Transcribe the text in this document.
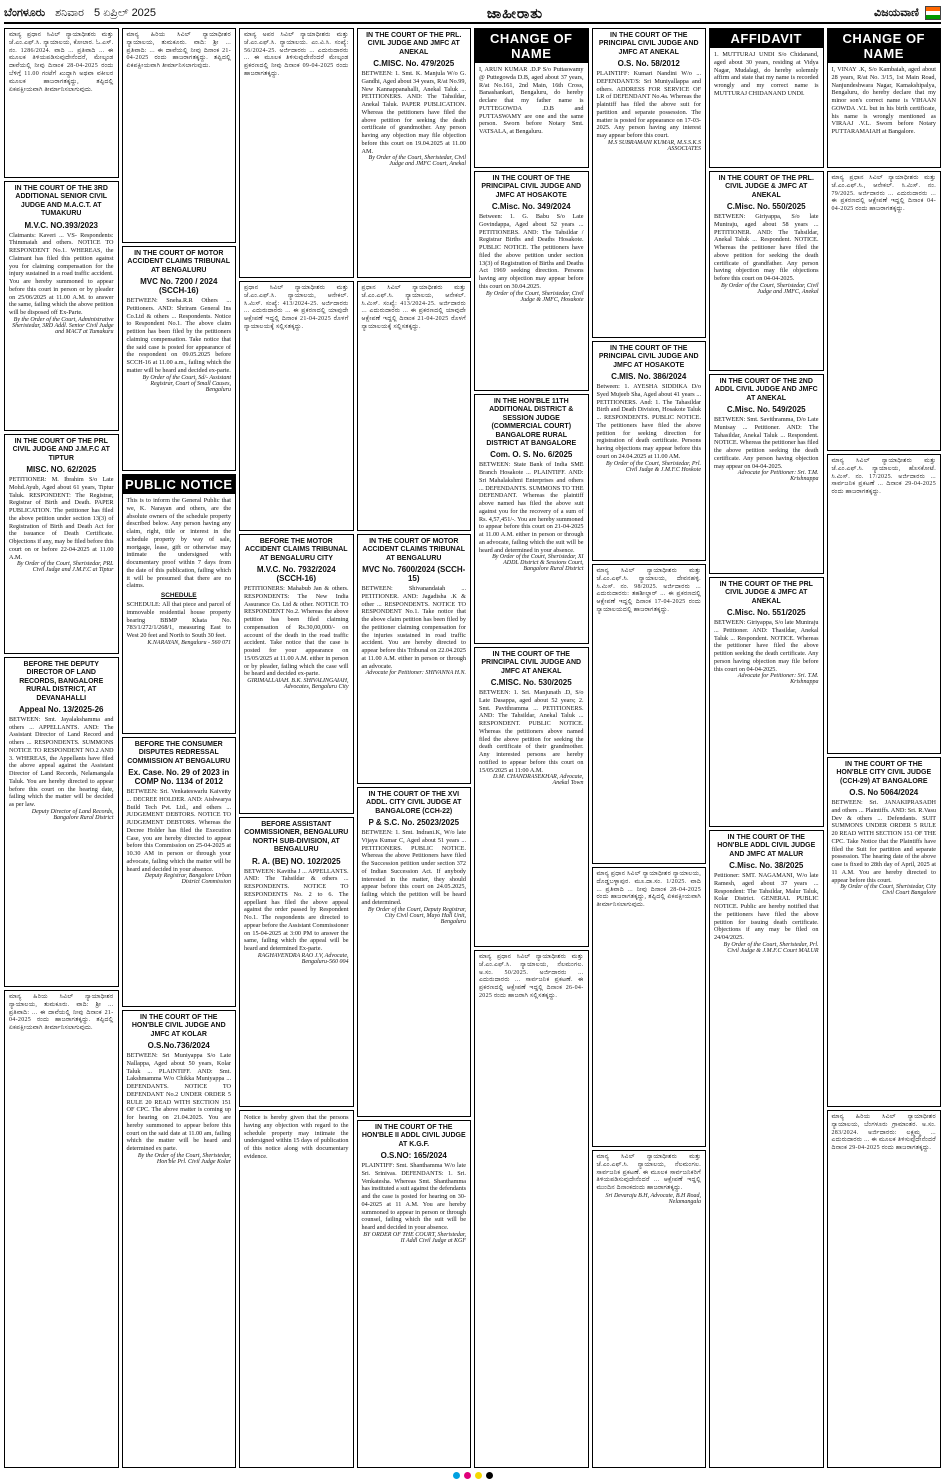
ಬೆಂಗಳೂರು ಶನಿವಾರ 5 ಏಪ್ರಿಲ್ 2025	ಜಾಹೀರಾತು	ವಿಜಯವಾಣಿ
ಮಾನ್ಯ ಪ್ರಧಾನ ಸಿವಿಲ್ ನ್ಯಾಯಾಧೀಶರು ಮತ್ತು ಜೆ.ಎಂ.ಎಫ್.ಸಿ. ನ್ಯಾಯಾಲಯ, ಕೋಲಾರ. ಓ.ಎಸ್. ನಂ. 1286/2024. ವಾದಿ ... ಪ್ರತಿವಾದಿ ... ಈ ಮೂಲಕ ತಿಳಿಯಪಡಿಸುವುದೇನೆಂದರೆ, ಮೇಲ್ಕಂಡ ದಾವೆಯಲ್ಲಿ ನೀವು ದಿನಾಂಕ 28-04-2025 ರಂದು ಬೆಳಿಗ್ಗೆ 11.00 ಗಂಟೆಗೆ ಖುದ್ದಾಗಿ ಅಥವಾ ವಕೀಲರ ಮೂಲಕ ಹಾಜರಾಗತಕ್ಕದ್ದು, ತಪ್ಪಿದಲ್ಲಿ ಏಕಪಕ್ಷೀಯವಾಗಿ ತೀರ್ಮಾನಿಸಲಾಗುವುದು.
IN THE COURT OF THE 3RD ADDITIONAL SENIOR CIVIL JUDGE AND M.A.C.T. AT TUMAKURU
M.V.C. NO.393/2023
Claimants: Kaveri ... VS- Respondents: Thimmaiah and others. NOTICE TO RESPONDENT No.1. WHEREAS, the Claimant has filed this petition against you for claiming compensation for the injury sustained in a road traffic accident. You are hereby summoned to appear before this court in person or by pleader on 25/06/2025 at 11.00 A.M. to answer the same, failing which the above petition will be disposed off Ex-Parte.
By the Order of the Court, Administrative Sheristedar, 3RD Addl. Senior Civil Judge and MACT at Tumakuru
IN THE COURT OF THE PRL CIVIL JUDGE AND J.M.F.C AT TIPTUR
MISC. NO. 62/2025
PETITIONER: M. Ibrahim S/o Late Mohd.Ayub, Aged about 61 years, Tiptur Taluk. RESPONDENT: The Registrar, Registrar of Birth and Death. PAPER PUBLICATION. The petitioner has filed the above petition under section 13(3) of Registration of Birth and Death Act for the issuance of Death Certificate. Objections if any, may be filed before this court on or before 22-04-2025 at 11.00 A.M.
By Order of the Court, Sheristedar, PRL Civil Judge and J.M.F.C at Tiptur
BEFORE THE DEPUTY DIRECTOR OF LAND RECORDS, BANGALORE RURAL DISTRICT, AT DEVANAHALLI
Appeal No. 13/2025-26
BETWEEN: Smt. Jayalakshamma and others ... APPELLANTS. AND: The Assistant Director of Land Record and others ... RESPONDENTS. SUMMONS NOTICE TO RESPONDENT NO.2 AND 3. WHEREAS, the Appellants have filed the above appeal against the Assistant Director of Land Records, Nelamangala Taluk. You are hereby directed to appear before this court on the hearing date, failing which the matter will be decided as per law.
Deputy Director of Land Records, Bangalore Rural District
ಮಾನ್ಯ ಹಿರಿಯ ಸಿವಿಲ್ ನ್ಯಾಯಾಧೀಶರ ನ್ಯಾಯಾಲಯ, ತುಮಕೂರು. ವಾದಿ: ಶ್ರೀ ... ಪ್ರತಿವಾದಿ: ... ಈ ದಾವೆಯಲ್ಲಿ ನೀವು ದಿನಾಂಕ 21-04-2025 ರಂದು ಹಾಜರಾಗತಕ್ಕದ್ದು. ತಪ್ಪಿದಲ್ಲಿ ಏಕಪಕ್ಷೀಯವಾಗಿ ತೀರ್ಮಾನಿಸಲಾಗುವುದು.
ಮಾನ್ಯ ಹಿರಿಯ ಸಿವಿಲ್ ನ್ಯಾಯಾಧೀಶರ ನ್ಯಾಯಾಲಯ, ತುಮಕೂರು. ವಾದಿ: ಶ್ರೀ ... ಪ್ರತಿವಾದಿ: ... ಈ ದಾವೆಯಲ್ಲಿ ನೀವು ದಿನಾಂಕ 21-04-2025 ರಂದು ಹಾಜರಾಗತಕ್ಕದ್ದು. ತಪ್ಪಿದಲ್ಲಿ ಏಕಪಕ್ಷೀಯವಾಗಿ ತೀರ್ಮಾನಿಸಲಾಗುವುದು.
IN THE COURT OF MOTOR ACCIDENT CLAIMS TRIBUNAL AT BENGALURU
MVC No. 7200 / 2024 (SCCH-16)
BETWEEN: Sneha.R.R Others ... Petitioners. AND: Shriram General Ins Co.Ltd & others ... Respondents. Notice to Respondent No.1. The above claim petition has been filed by the petitioners claiming compensation. Take notice that the said case is posted for appearance of the respondent on 09.05.2025 before SCCH-16 at 11.00 a.m., failing which the matter will be heard and decided ex-parte.
By Order of the Court, Sd/- Assistant Registrar, Court of Small Causes, Bengaluru
PUBLIC NOTICE
This is to inform the General Public that we, K. Narayan and others, are the absolute owners of the schedule property described below. Any person having any claim, right, title or interest in the schedule property by way of sale, mortgage, lease, gift or otherwise may intimate the undersigned with documentary proof within 7 days from the date of this publication, failing which it will be presumed that there are no claims.
SCHEDULE
SCHEDULE: All that piece and parcel of immovable residential house property bearing BBMP Khata No. 783/1/272/1/268/1, measuring East to West 20 feet and North to South 30 feet.
K.NARAYAN, Bengaluru - 560 071
BEFORE THE CONSUMER DISPUTES REDRESSAL COMMISSION AT BENGALURU
Ex. Case. No. 29 of 2023 in COMP No. 1134 of 2012
BETWEEN: Sri. Venkateswarlu Kaivetty ... DECREE HOLDER. AND: Aishwarya Build Tech Pvt. Ltd., and others ... JUDGEMENT DEBTORS. NOTICE TO JUDGEMENT DEBTORS. Whereas the Decree Holder has filed the Execution Case, you are hereby directed to appear before this Commission on 25-04-2025 at 10.30 AM in person or through your advocate, failing which the matter will be heard and decided in your absence.
Deputy Registrar, Bangalore Urban District Commission
IN THE COURT OF THE HON'BLE CIVIL JUDGE AND JMFC AT KOLAR
O.S.No.736/2024
BETWEEN: Sri Muniyappa S/o Late Nallappa, Aged about 50 years, Kolar Taluk ... PLAINTIFF. AND: Smt. Lakshmamma W/o Chikka Muniyappa ... DEFENDANTS. NOTICE TO DEFENDANT No.2 UNDER ORDER 5 RULE 20 READ WITH SECTION 151 OF CPC. The above matter is coming up for hearing on 21.04.2025. You are hereby summoned to appear before this court on the said date at 11.00 am, failing which the matter will be heard and determined ex parte.
By the Order of the Court, Sheristedar, Hon'ble Prl. Civil Judge Kolar
ಮಾನ್ಯ ಅಪರ ಸಿವಿಲ್ ನ್ಯಾಯಾಧೀಶರು ಮತ್ತು ಜೆ.ಎಂ.ಎಫ್.ಸಿ. ನ್ಯಾಯಾಲಯ. ಎಂ.ವಿ.ಸಿ. ಸಂಖ್ಯೆ: 56/2024-25. ಅರ್ಜಿದಾರರು ... ಎದುರುದಾರರು ... ಈ ಮೂಲಕ ತಿಳಿಸುವುದೇನೆಂದರೆ ಮೇಲ್ಕಂಡ ಪ್ರಕರಣದಲ್ಲಿ ನೀವು ದಿನಾಂಕ 09-04-2025 ರಂದು ಹಾಜರಾಗತಕ್ಕದ್ದು.
ಪ್ರಧಾನ ಸಿವಿಲ್ ನ್ಯಾಯಾಧೀಶರು ಮತ್ತು ಜೆ.ಎಂ.ಎಫ್.ಸಿ. ನ್ಯಾಯಾಲಯ, ಆನೇಕಲ್. ಸಿ.ಮಿಸ್. ಸಂಖ್ಯೆ: 413/2024-25. ಅರ್ಜಿದಾರರು ... ಎದುರುದಾರರು ... ಈ ಪ್ರಕರಣದಲ್ಲಿ ಯಾವುದೇ ಆಕ್ಷೇಪಣೆ ಇದ್ದಲ್ಲಿ ದಿನಾಂಕ 21-04-2025 ರೊಳಗೆ ನ್ಯಾಯಾಲಯಕ್ಕೆ ಸಲ್ಲಿಸತಕ್ಕದ್ದು.
BEFORE THE MOTOR ACCIDENT CLAIMS TRIBUNAL AT BENGALURU CITY
M.V.C. No. 7932/2024 (SCCH-16)
PETITIONERS: Mahabub Jan & others. RESPONDENTS: The New India Assurance Co. Ltd & other. NOTICE TO RESPONDENT No.2. Whereas the above petition has been filed claiming compensation of Rs.30,00,000/- on account of the death in the road traffic accident. Take notice that the case is posted for your appearance on 15/05/2025 at 11.00 A.M. either in person or by pleader, failing which the case will be heard and decided ex-parte.
GIRIMALLAIAH. B.K. SHIVALINGAIAH, Advocates, Bengaluru City
BEFORE ASSISTANT COMMISSIONER, BENGALURU NORTH SUB-DIVISION, AT BENGALURU
R. A. (BE) NO. 102/2025
BETWEEN: Kavitha J ... APPELLANTS. AND: The Tahsildar & others ... RESPONDENTS. NOTICE TO RESPONDENTS No. 2 to 6. The appellant has filed the above appeal against the order passed by Respondent No.1. The respondents are directed to appear before the Assistant Commissioner on 15-04-2025 at 3:00 PM to answer the same, failing which the appeal will be heard and determined Ex-parte.
RAGHAVENDRA RAO J.V, Advocate, Bengaluru-560 004
Notice is hereby given that the persons having any objection with regard to the schedule property may intimate the undersigned within 15 days of publication of this notice along with documentary evidence.
IN THE COURT OF THE PRL. CIVIL JUDGE AND JMFC AT ANEKAL
C.MISC. No. 479/2025
BETWEEN: 1. Smt. K. Manjula W/o G. Gandhi, Aged about 34 years, R/at No.99, New Kannappanahalli, Anekal Taluk ... PETITIONERS. AND: The Tahsildar, Anekal Taluk. PAPER PUBLICATION. Whereas the petitioners have filed the above petition for seeking the death certificate of grandmother. Any person having any objection may file objection before this court on 19.04.2025 at 11.00 AM.
By Order of the Court, Sheristedar, Civil Judge and JMFC Court, Anekal
ಪ್ರಧಾನ ಸಿವಿಲ್ ನ್ಯಾಯಾಧೀಶರು ಮತ್ತು ಜೆ.ಎಂ.ಎಫ್.ಸಿ. ನ್ಯಾಯಾಲಯ, ಆನೇಕಲ್. ಸಿ.ಮಿಸ್. ಸಂಖ್ಯೆ: 413/2024-25. ಅರ್ಜಿದಾರರು ... ಎದುರುದಾರರು ... ಈ ಪ್ರಕರಣದಲ್ಲಿ ಯಾವುದೇ ಆಕ್ಷೇಪಣೆ ಇದ್ದಲ್ಲಿ ದಿನಾಂಕ 21-04-2025 ರೊಳಗೆ ನ್ಯಾಯಾಲಯಕ್ಕೆ ಸಲ್ಲಿಸತಕ್ಕದ್ದು.
IN THE COURT OF MOTOR ACCIDENT CLAIMS TRIBUNAL AT BENGALURU
MVC No. 7600/2024 (SCCH-15)
BETWEEN: Shivanandaiah ... PETITIONER. AND: Jagadisha .K & other ... RESPONDENTS. NOTICE TO RESPONDENT No.1. Take notice that the above claim petition has been filed by the petitioner claiming compensation for the injuries sustained in road traffic accident. You are hereby directed to appear before this Tribunal on 22.04.2025 at 11.00 A.M. either in person or through an advocate.
Advocate for Petitioner: SHIVANNA H.N.
IN THE COURT OF THE XVI ADDL. CITY CIVIL JUDGE AT BANGALORE (CCH-22)
P & S.C. No. 25023/2025
BETWEEN: 1. Smt. Indrani.K, W/o late Vijaya Kumar C, Aged about 51 years ... PETITIONERS. PUBLIC NOTICE. Whereas the above Petitioners have filed the Succession petition under section 372 of Indian Succession Act. If anybody interested in the matter, they should appear before this court on 24.05.2025, failing which the petition will be heard and determined.
By Order of the Court, Deputy Registrar, City Civil Court, Mayo Hall Unit, Bengaluru
IN THE COURT OF THE HON'BLE II ADDL CIVIL JUDGE AT K.G.F.
O.S.NO: 165/2024
PLAINTIFF: Smt. Shanthamma W/o late Sri. Srinivas. DEFENDANTS: 1. Sri. Venkatesha. Whereas Smt. Shanthamma has instituted a suit against the defendants and the case is posted for hearing on 30-04-2025 at 11 A.M. You are hereby summoned to appear in person or through counsel, failing which the suit will be heard and decided in your absence.
BY ORDER OF THE COURT, Sheristedar, II Addl Civil Judge at KGF
CHANGE OF NAME
I, ARUN KUMAR .D.P S/o Puttaswamy @ Puttegowda D.B, aged about 37 years, R/at No.161, 2nd Main, 16th Cross, Banashankari, Bengaluru, do hereby declare that my father name is PUTTEGOWDA .D.B and PUTTASWAMY are one and the same person. Sworn before Notary Smt. VATSALA, at Bengaluru.
IN THE COURT OF THE PRINCIPAL CIVIL JUDGE AND JMFC AT HOSAKOTE
C.Misc. No. 349/2024
Between: 1. G. Babu S/o Late Govindappa, Aged about 52 years ... PETITIONERS. AND: The Tahsildar / Registrar Births and Deaths Hosakote. PUBLIC NOTICE. The petitioners have filed the above petition under section 13(3) of Registration of Births and Deaths Act 1969 seeking direction. Persons having any objection may appear before this court on 30.04.2025.
By Order of the Court, Sheristedar, Civil Judge & JMFC, Hosakote
IN THE HON'BLE 11TH ADDITIONAL DISTRICT & SESSION JUDGE (COMMERCIAL COURT) BANGALORE RURAL DISTRICT AT BANGALORE
Com. O. S. No. 6/2025
BETWEEN: State Bank of India SME Branch Hosakote ... PLAINTIFF. AND: Sri Mahalakshmi Enterprises and others ... DEFENDANTS. SUMMONS TO THE DEFENDANT. Whereas the plaintiff above named has filed the above suit against you for the recovery of a sum of Rs. 4,57,451/-. You are hereby summoned to appear before this court on 21-04-2025 at 11.00 A.M. either in person or through an advocate, failing which the suit will be heard and determined in your absence.
By Order of the Court, Sheristedar, XI ADDL District & Sessions Court, Bangalore Rural District
IN THE COURT OF THE PRINCIPAL CIVIL JUDGE AND JMFC AT ANEKAL
C.MISC. No. 530/2025
BETWEEN: 1. Sri. Manjunath .D, S/o Late Dasappa, aged about 52 years; 2. Smt. Pavithramma ... PETITIONERS. AND: The Tahsildar, Anekal Taluk ... RESPONDENT. PUBLIC NOTICE. Whereas the petitioners above named filed the above petition for seeking the death certificate of their grandmother. Any interested persons are hereby notified to appear before this court on 15/05/2025 at 11:00 A.M.
D.M. CHANDRASEKHAR, Advocate, Anekal Town
ಮಾನ್ಯ ಪ್ರಧಾನ ಸಿವಿಲ್ ನ್ಯಾಯಾಧೀಶರು ಮತ್ತು ಜೆ.ಎಂ.ಎಫ್.ಸಿ. ನ್ಯಾಯಾಲಯ, ನೆಲಮಂಗಲ. ಅ.ಸಂ. 50/2025. ಅರ್ಜಿದಾರರು ... ಎದುರುದಾರರು ... ಸಾರ್ವಜನಿಕ ಪ್ರಕಟಣೆ. ಈ ಪ್ರಕರಣದಲ್ಲಿ ಆಕ್ಷೇಪಣೆ ಇದ್ದಲ್ಲಿ ದಿನಾಂಕ 26-04-2025 ರಂದು ಹಾಜರಾಗಿ ಸಲ್ಲಿಸತಕ್ಕದ್ದು.
IN THE COURT OF THE PRINCIPAL CIVIL JUDGE AND JMFC AT ANEKAL
O.S. No. 58/2012
PLAINTIFF: Kumari Nandini W/o ... DEFENDANT/S: Sri Muniyallappa and others. ADDRESS FOR SERVICE OF LR of DEFENDANT No.4a. Whereas the plaintiff has filed the above suit for partition and separate possession. The matter is posted for appearance on 17-03-2025. Any person having any interest may appear before this court.
M.S SUBRAMANI KUMAR, M.S.S.K.S ASSOCIATES
IN THE COURT OF THE PRINCIPAL CIVIL JUDGE AND JMFC AT HOSAKOTE
C.MIS. No. 386/2024
Between: 1. AYESHA SIDDIKA D/o Syed Mujeeb Sha, Aged about 41 years ... PETITIONERS. And: 1. The Tahasildar Birth and Death Division, Hosakote Taluk ... RESPONDENTS. PUBLIC NOTICE. The petitioners have filed the above petition for seeking direction for registration of death certificate. Persons having objections may appear before this court on 24.04.2025 at 11.00 AM.
By Order of the Court, Sheristedar, Prl. Civil Judge & J.M.F.C Hoskote
ಮಾನ್ಯ ಸಿವಿಲ್ ನ್ಯಾಯಾಧೀಶರು ಮತ್ತು ಜೆ.ಎಂ.ಎಫ್.ಸಿ. ನ್ಯಾಯಾಲಯ, ದೇವನಹಳ್ಳಿ. ಸಿ.ಮಿಸ್. ನಂ. 98/2025. ಅರ್ಜಿದಾರರು ... ಎದುರುದಾರರು: ತಹಶೀಲ್ದಾರ್ ... ಈ ಪ್ರಕರಣದಲ್ಲಿ ಆಕ್ಷೇಪಣೆ ಇದ್ದಲ್ಲಿ ದಿನಾಂಕ 17-04-2025 ರಂದು ನ್ಯಾಯಾಲಯದಲ್ಲಿ ಹಾಜರಾಗತಕ್ಕದ್ದು.
ಮಾನ್ಯ ಪ್ರಧಾನ ಸಿವಿಲ್ ನ್ಯಾಯಾಧೀಶರ ನ್ಯಾಯಾಲಯ, ದೊಡ್ಡಬಳ್ಳಾಪುರ. ಮೂ.ದಾ.ಸಂ. 1/2025. ವಾದಿ ... ಪ್ರತಿವಾದಿ ... ನೀವು ದಿನಾಂಕ 28-04-2025 ರಂದು ಹಾಜರಾಗತಕ್ಕದ್ದು, ತಪ್ಪಿದಲ್ಲಿ ಏಕಪಕ್ಷೀಯವಾಗಿ ತೀರ್ಮಾನಿಸಲಾಗುವುದು.
ಮಾನ್ಯ ಸಿವಿಲ್ ನ್ಯಾಯಾಧೀಶರು ಮತ್ತು ಜೆ.ಎಂ.ಎಫ್.ಸಿ. ನ್ಯಾಯಾಲಯ, ನೆಲಮಂಗಲ. ಸಾರ್ವಜನಿಕ ಪ್ರಕಟಣೆ. ಈ ಮೂಲಕ ಸಾರ್ವಜನಿಕರಿಗೆ ತಿಳಿಯಪಡಿಸುವುದೇನೆಂದರೆ ... ಆಕ್ಷೇಪಣೆ ಇದ್ದಲ್ಲಿ ಮುಂದಿನ ದಿನಾಂಕದಂದು ಹಾಜರಾಗತಕ್ಕದ್ದು.
Sri Devaraju B.H, Advocate, B.H Road, Nelamangala
AFFIDAVIT
1. MUTTURAJ UNDI S/o Chidanand, aged about 30 years, residing at Vidya Nagar, Mudalagi, do hereby solemnly affirm and state that my name is recorded wrongly and my correct name is MUTTURAJ CHIDANAND UNDI.
IN THE COURT OF THE PRL. CIVIL JUDGE & JMFC AT ANEKAL
C.Misc. No. 550/2025
BETWEEN: Giriyappa, S/o late Muniraju, aged about 58 years ... PETITIONER. AND: The Tahsildar, Anekal Taluk ... Respondent. NOTICE. Whereas the petitioner have filed the above petition for seeking the death certificate of grandfather. Any person having objection may file objections before this court on 04-04-2025.
By Order of the Court, Sheristedar, Civil Judge and JMFC, Anekal
IN THE COURT OF THE 2ND ADDL CIVIL JUDGE AND JMFC AT ANEKAL
C.Misc. No. 549/2025
BETWEEN: Smt. Savithramma, D/o Late Munisay ... Petitioner. AND: The Tahasildar, Anekal Taluk ... Respondent. NOTICE. Whereas the petitioner has filed the above petition seeking the death certificate. Any person having objection may appear on 04-04-2025.
Advocate for Petitioner: Sri. T.M. Krishnappa
IN THE COURT OF THE PRL CIVIL JUDGE & JMFC AT ANEKAL
C.Misc. No. 551/2025
BETWEEN: Giriyappa, S/o late Muniraju ... Petitioner. AND: Thasildar, Anekal Taluk ... Respondent. NOTICE. Whereas the petitioner have filed the above petition seeking the death certificate. Any person having objection may file before this court on 04-04-2025.
Advocate for Petitioner: Sri. T.M. Krishnappa
IN THE COURT OF THE HON'BLE ADDL CIVIL JUDGE AND JMFC AT MALUR
C.Misc. No. 38/2025
Petitioner: SMT. NAGAMANI, W/o late Ramesh, aged about 37 years ... Respondent: The Tahsildar, Malur Taluk, Kolar District. GENERAL PUBLIC NOTICE. Public are hereby notified that the petitioners have filed the above petition for issuing death certificate. Objections if any may be filed on 24/04/2025.
By Order of the Court, Sheristedar, Prl. Civil Judge & J.M.F.C Court MALUR
CHANGE OF NAME
I, VINAY .K, S/o Kambaiah, aged about 28 years, R/at No. 3/15, 1st Main Road, Nanjundeshwara Nagar, Kamakshipalya, Bengaluru, do hereby declare that my minor son's correct name is VIHAAN GOWDA .V.L but in his birth certificate, his name is wrongly mentioned as VIRAAJ .V.L. Sworn before Notary PUTTARAMAIAH at Bangalore.
ಮಾನ್ಯ ಪ್ರಧಾನ ಸಿವಿಲ್ ನ್ಯಾಯಾಧೀಶರು ಮತ್ತು ಜೆ.ಎಂ.ಎಫ್.ಸಿ., ಆನೇಕಲ್. ಸಿ.ಮಿಸ್. ನಂ. 79/2025. ಅರ್ಜಿದಾರರು ... ಎದುರುದಾರರು ... ಈ ಪ್ರಕರಣದಲ್ಲಿ ಆಕ್ಷೇಪಣೆ ಇದ್ದಲ್ಲಿ ದಿನಾಂಕ 04-04-2025 ರಂದು ಹಾಜರಾಗತಕ್ಕದ್ದು.
ಮಾನ್ಯ ಸಿವಿಲ್ ನ್ಯಾಯಾಧೀಶರು ಮತ್ತು ಜೆ.ಎಂ.ಎಫ್.ಸಿ. ನ್ಯಾಯಾಲಯ, ಹೊಸಕೋಟೆ. ಸಿ.ಮಿಸ್. ನಂ. 17/2025. ಅರ್ಜಿದಾರರು ... ಸಾರ್ವಜನಿಕ ಪ್ರಕಟಣೆ ... ದಿನಾಂಕ 29-04-2025 ರಂದು ಹಾಜರಾಗತಕ್ಕದ್ದು.
IN THE COURT OF THE HON'BLE CITY CIVIL JUDGE (CCH-29) AT BANGALORE
O.S. No 5064/2024
BETWEEN: Sri. JANAKIPRASADH and others ... Plaintiffs. AND: Sri. R.Vasu Dev & others ... Defendants. SUIT SUMMONS UNDER ORDER 5 RULE 20 READ WITH SECTION 151 OF THE CPC. Take Notice that the Plaintiffs have filed the Suit for partition and separate possession. The hearing date of the above case is fixed to 28th day of April, 2025 at 11 A.M. You are hereby directed to appear before this court.
By Order of the Court, Sheristedar, City Civil Court Bangalore
ಮಾನ್ಯ ಹಿರಿಯ ಸಿವಿಲ್ ನ್ಯಾಯಾಧೀಶರ ನ್ಯಾಯಾಲಯ, ಬೆಂಗಳೂರು ಗ್ರಾಮಾಂತರ. ಅ.ಸಂ. 283/2024. ಅರ್ಜಿದಾರರು: ಲಕ್ಷ್ಮಮ್ಮ ... ಎದುರುದಾರರು ... ಈ ಮೂಲಕ ತಿಳಿಸುವುದೇನೆಂದರೆ ದಿನಾಂಕ 29-04-2025 ರಂದು ಹಾಜರಾಗತಕ್ಕದ್ದು.
